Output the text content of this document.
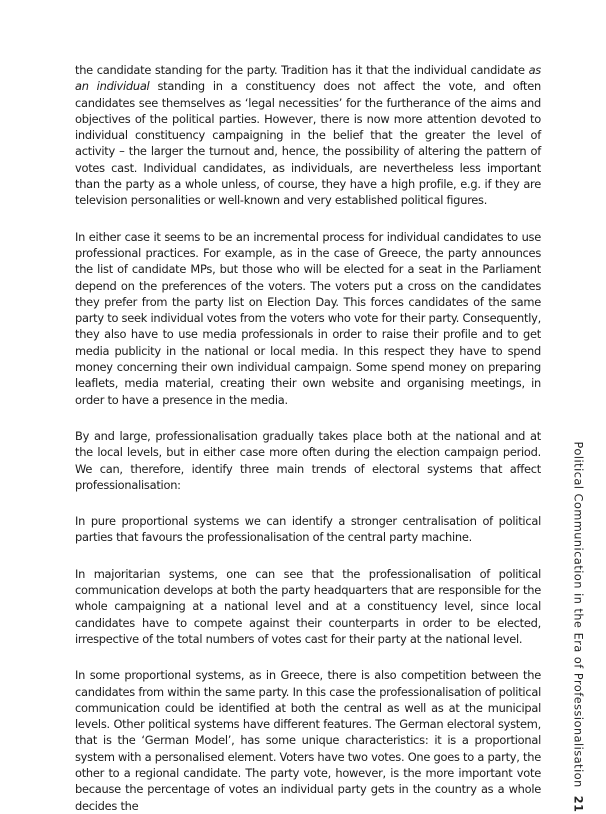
the candidate standing for the party. Tradition has it that the individual candidate as an individual standing in a constituency does not affect the vote, and often candidates see themselves as ‘legal necessities’ for the furtherance of the aims and objectives of the political parties. However, there is now more attention devoted to individual constituency campaigning in the belief that the greater the level of activity – the larger the turnout and, hence, the possibility of altering the pattern of votes cast. Individual candidates, as individuals, are nevertheless less important than the party as a whole unless, of course, they have a high profile, e.g. if they are television personalities or well-known and very established political figures.

In either case it seems to be an incremental process for individual candidates to use professional practices. For example, as in the case of Greece, the party announces the list of candidate MPs, but those who will be elected for a seat in the Parliament depend on the preferences of the voters. The voters put a cross on the candidates they prefer from the party list on Election Day. This forces candidates of the same party to seek individual votes from the voters who vote for their party. Consequently, they also have to use media professionals in order to raise their profile and to get media publicity in the national or local media. In this respect they have to spend money concerning their own individual campaign. Some spend money on preparing leaflets, media material, creating their own website and organising meetings, in order to have a presence in the media.

By and large, professionalisation gradually takes place both at the national and at the local levels, but in either case more often during the election campaign period. We can, therefore, identify three main trends of electoral systems that affect professionalisation:

In pure proportional systems we can identify a stronger centralisation of political parties that favours the professionalisation of the central party machine.

In majoritarian systems, one can see that the professionalisation of political communication develops at both the party headquarters that are responsible for the whole campaigning at a national level and at a constituency level, since local candidates have to compete against their counterparts in order to be elected, irrespective of the total numbers of votes cast for their party at the national level.

In some proportional systems, as in Greece, there is also competition between the candidates from within the same party. In this case the professionalisation of political communication could be identified at both the central as well as at the municipal levels. Other political systems have different features. The German electoral system, that is the ‘German Model’, has some unique characteristics: it is a proportional system with a personalised element. Voters have two votes. One goes to a party, the other to a regional candidate. The party vote, however, is the more important vote because the percentage of votes an individual party gets in the country as a whole decides the

Political Communication in the Era of Professionalisation21
